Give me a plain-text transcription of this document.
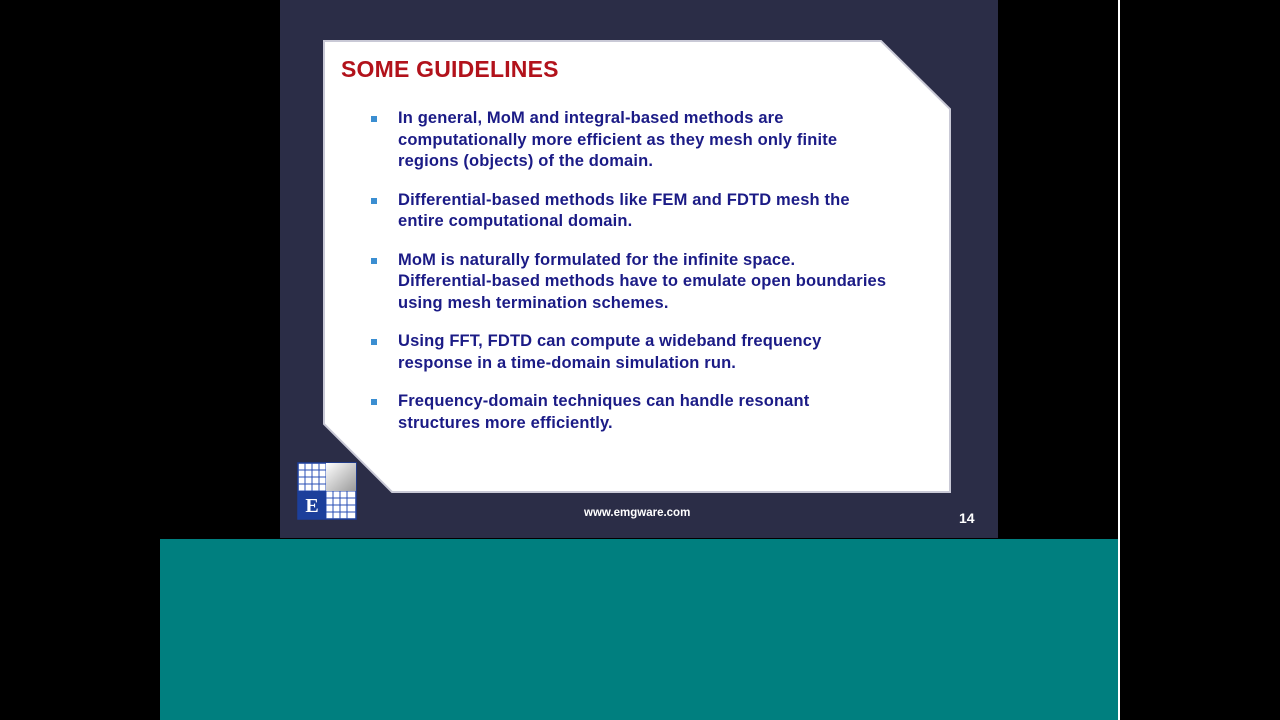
SOME GUIDELINES
In general, MoM and integral-based methods are computationally more efficient as they mesh only finite regions (objects) of the domain.
Differential-based methods like FEM and FDTD mesh the entire computational domain.
MoM is naturally formulated for the infinite space. Differential-based methods have to emulate open boundaries using mesh termination schemes.
Using FFT, FDTD can compute a wideband frequency response in a time-domain simulation run.
Frequency-domain techniques can handle resonant structures more efficiently.
E	www.emgware.com	14
